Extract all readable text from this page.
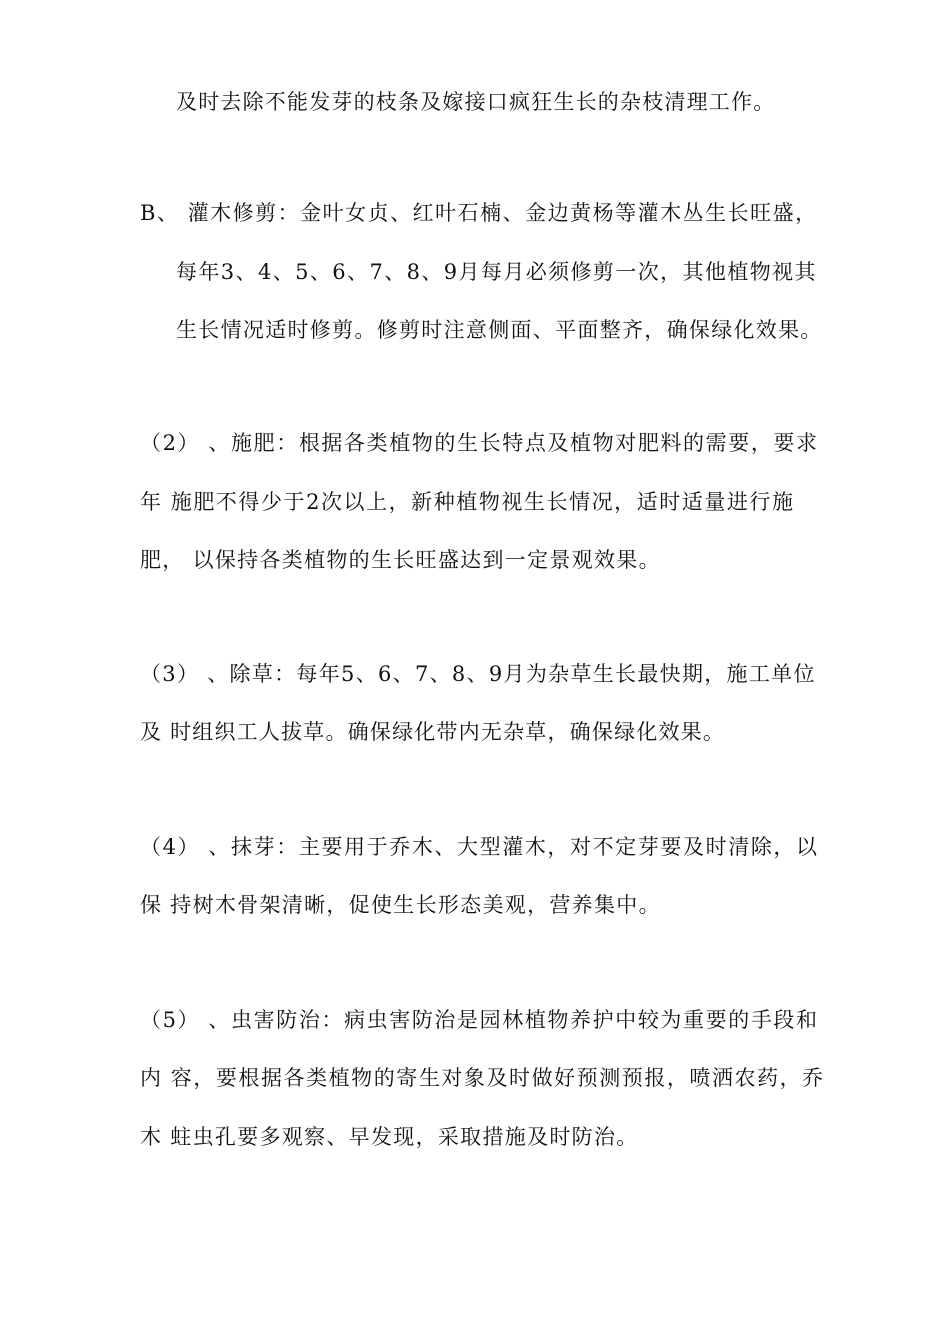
及时去除不能发芽的枝条及嫁接口疯狂生长的杂枝清理工作。
B、 灌木修剪：金叶女贞、红叶石楠、金边黄杨等灌木丛生长旺盛，
每年3、4、5、6、7、8、9月每月必须修剪一次，其他植物视其
生长情况适时修剪。修剪时注意侧面、平面整齐，确保绿化效果。
（2） 、施肥：根据各类植物的生长特点及植物对肥料的需要，要求
年 施肥不得少于2次以上，新种植物视生长情况，适时适量进行施
肥， 以保持各类植物的生长旺盛达到一定景观效果。
（3） 、除草：每年5、6、7、8、9月为杂草生长最快期，施工单位
及 时组织工人拔草。确保绿化带内无杂草，确保绿化效果。
（4） 、抹芽：主要用于乔木、大型灌木，对不定芽要及时清除，以
保 持树木骨架清晰，促使生长形态美观，营养集中。
（5） 、虫害防治：病虫害防治是园林植物养护中较为重要的手段和
内 容，要根据各类植物的寄生对象及时做好预测预报，喷洒农药，乔
木 蛀虫孔要多观察、早发现，采取措施及时防治。
